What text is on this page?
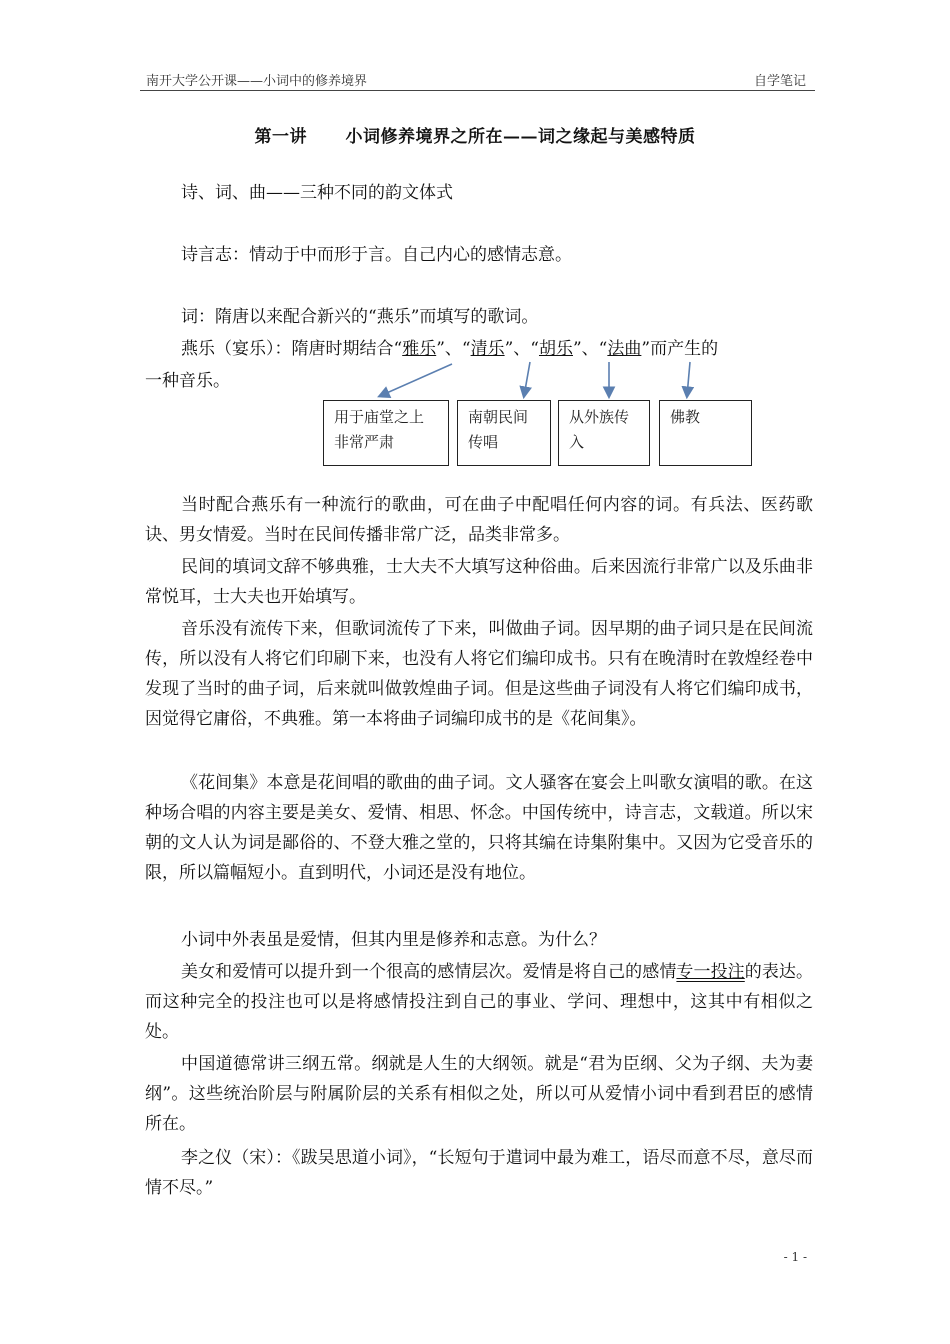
南开大学公开课——小词中的修养境界	自学笔记
第一讲 小词修养境界之所在——词之缘起与美感特质

诗、词、曲——三种不同的韵文体式

诗言志：情动于中而形于言。自己内心的感情志意。

词：隋唐以来配合新兴的“燕乐”而填写的歌词。

燕乐（宴乐）：隋唐时期结合“雅乐”、“清乐”、“胡乐”、“法曲”而产生的

一种音乐。

用于庙堂之上非常严肃
南朝民间传唱
从外族传入
佛教

当时配合燕乐有一种流行的歌曲，可在曲子中配唱任何内容的词。有兵法、医药歌诀、男女情爱。当时在民间传播非常广泛，品类非常多。

民间的填词文辞不够典雅，士大夫不大填写这种俗曲。后来因流行非常广以及乐曲非常悦耳，士大夫也开始填写。

音乐没有流传下来，但歌词流传了下来，叫做曲子词。因早期的曲子词只是在民间流传，所以没有人将它们印刷下来，也没有人将它们编印成书。只有在晚清时在敦煌经卷中发现了当时的曲子词，后来就叫做敦煌曲子词。但是这些曲子词没有人将它们编印成书，因觉得它庸俗，不典雅。第一本将曲子词编印成书的是《花间集》。

《花间集》本意是花间唱的歌曲的曲子词。文人骚客在宴会上叫歌女演唱的歌。在这种场合唱的内容主要是美女、爱情、相思、怀念。中国传统中，诗言志，文载道。所以宋朝的文人认为词是鄙俗的、不登大雅之堂的，只将其编在诗集附集中。又因为它受音乐的限，所以篇幅短小。直到明代，小词还是没有地位。

小词中外表虽是爱情，但其内里是修养和志意。为什么？

美女和爱情可以提升到一个很高的感情层次。爱情是将自己的感情专一投注的表达。而这种完全的投注也可以是将感情投注到自己的事业、学问、理想中，这其中有相似之处。

中国道德常讲三纲五常。纲就是人生的大纲领。就是“君为臣纲、父为子纲、夫为妻纲”。这些统治阶层与附属阶层的关系有相似之处，所以可从爱情小词中看到君臣的感情所在。

李之仪（宋）：《跋吴思道小词》，“长短句于遣词中最为难工，语尽而意不尽，意尽而情不尽。”

- 1 -
